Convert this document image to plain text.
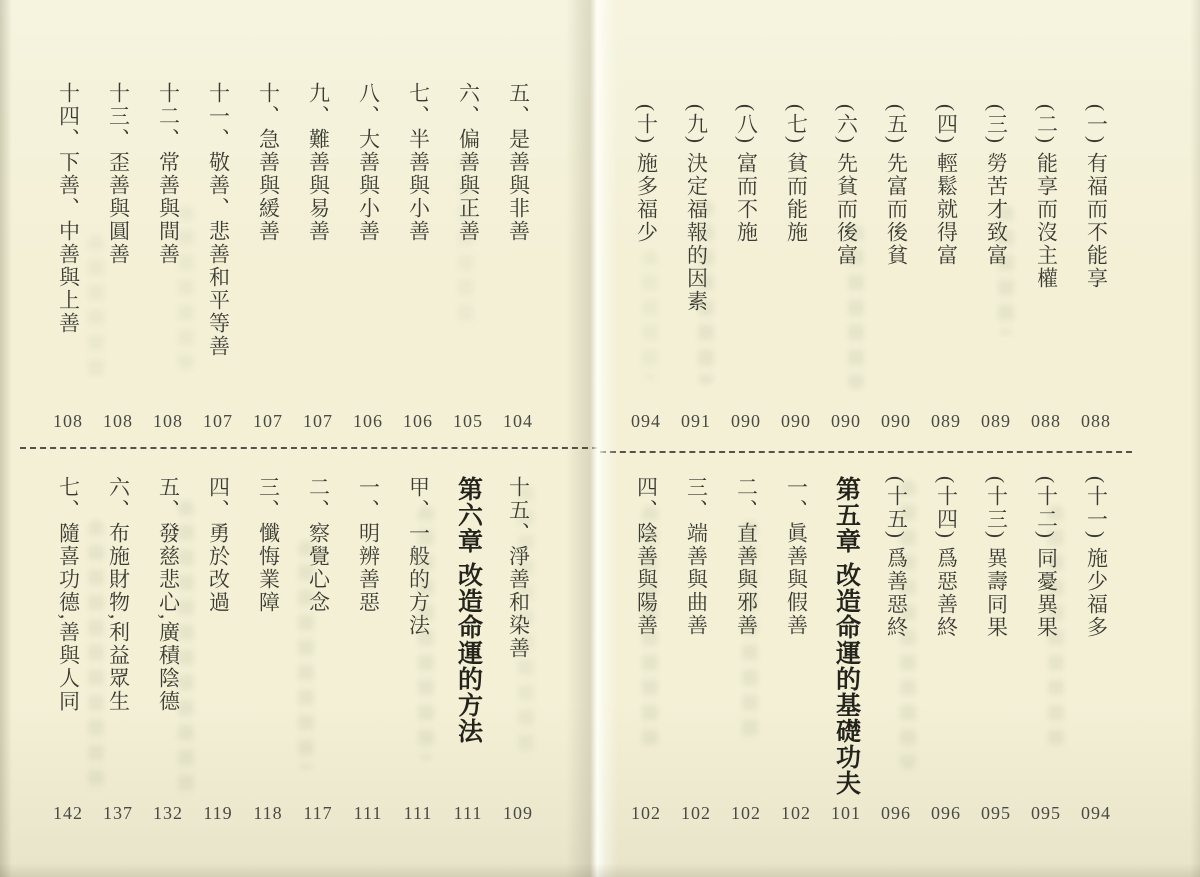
(一) 有福而不能享
088
(二) 能享而沒主權
088
(三) 勞苦才致富
089
(四) 輕鬆就得富
089
(五) 先富而後貧
090
(六) 先貧而後富
090
(七) 貧而能施
090
(八) 富而不施
090
(九) 決定福報的因素
091
(十) 施多福少
094
(十一) 施少福多
094
(十二) 同憂異果
095
(十三) 異壽同果
095
(十四) 爲惡善終
096
(十五) 爲善惡終
096
第五章 改造命運的基礎功夫
101
一、眞善與假善
102
二、直善與邪善
102
三、端善與曲善
102
四、陰善與陽善
102
五、是善與非善
104
六、偏善與正善
105
七、半善與小善
106
八、大善與小善
106
九、難善與易善
107
十、急善與緩善
107
十一、敬善、悲善和平等善
107
十二、常善與間善
108
十三、歪善與圓善
108
十四、下善、中善與上善
108
十五、淨善和染善
109
第六章 改造命運的方法
111
甲、一般的方法
111
一、明辨善惡
111
二、察覺心念
117
三、懺悔業障
118
四、勇於改過
119
五、發慈悲心,廣積陰德
132
六、布施財物,利益眾生
137
七、隨喜功德,善與人同
142
